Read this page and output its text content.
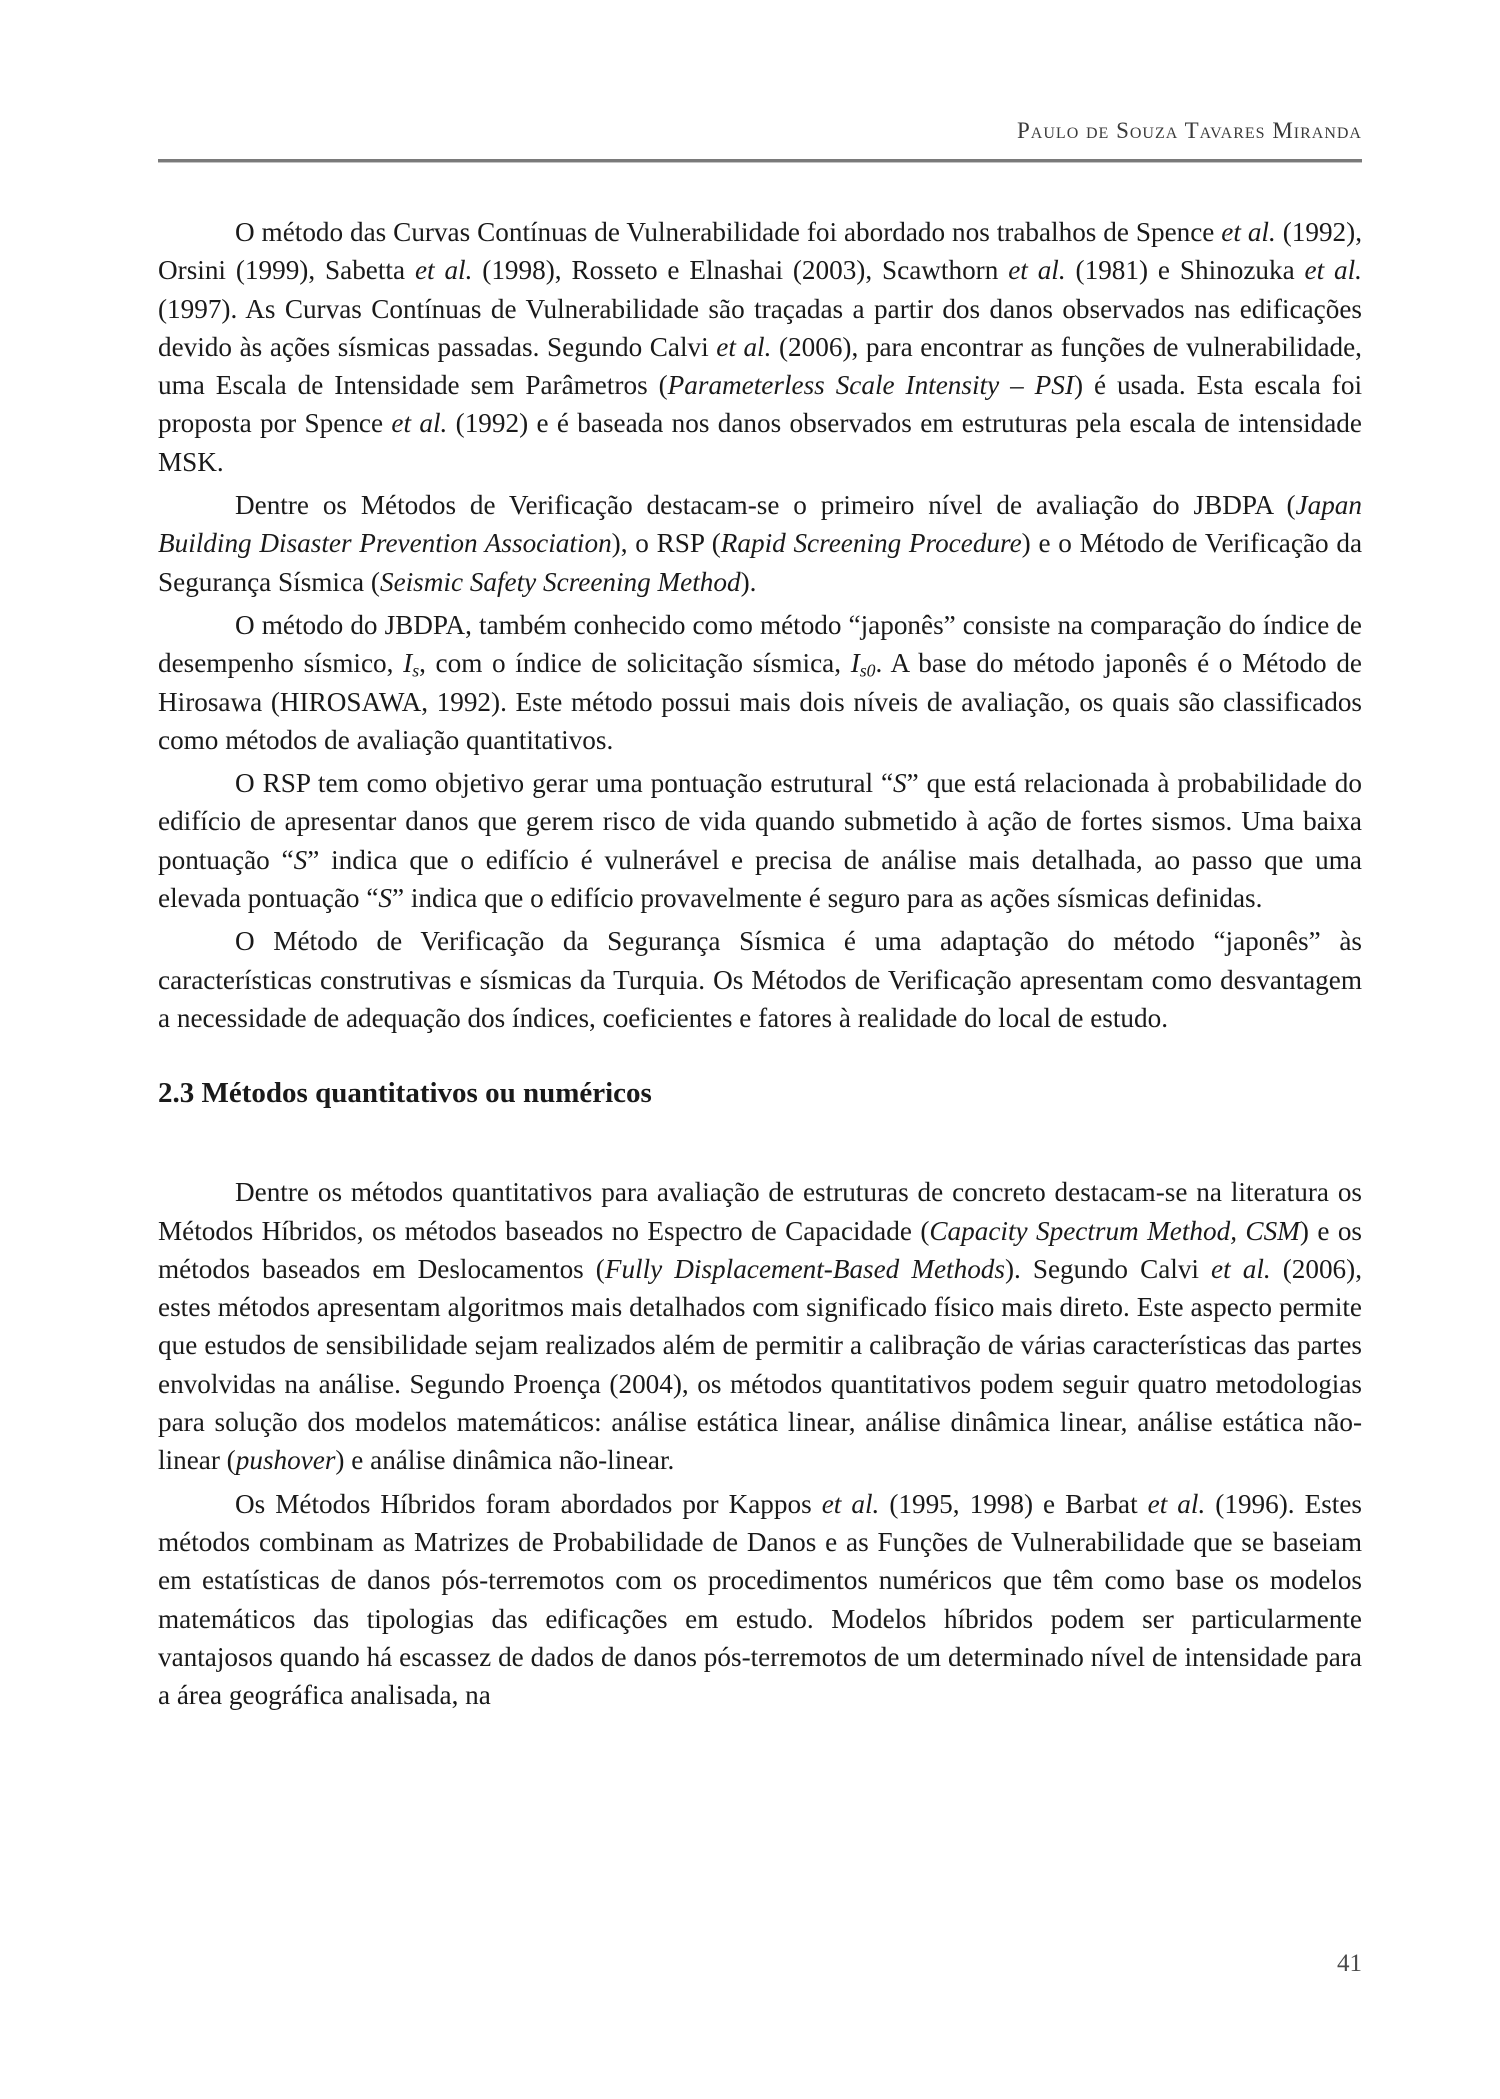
Paulo de Souza Tavares Miranda

O método das Curvas Contínuas de Vulnerabilidade foi abordado nos trabalhos de Spence et al. (1992), Orsini (1999), Sabetta et al. (1998), Rosseto e Elnashai (2003), Scawthorn et al. (1981) e Shinozuka et al. (1997). As Curvas Contínuas de Vulnerabilidade são traçadas a partir dos danos observados nas edificações devido às ações sísmicas passadas. Segundo Calvi et al. (2006), para encontrar as funções de vulnerabilidade, uma Escala de Intensidade sem Parâmetros (Parameterless Scale Intensity – PSI) é usada. Esta escala foi proposta por Spence et al. (1992) e é baseada nos danos observados em estruturas pela escala de intensidade MSK.

Dentre os Métodos de Verificação destacam-se o primeiro nível de avaliação do JBDPA (Japan Building Disaster Prevention Association), o RSP (Rapid Screening Procedure) e o Método de Verificação da Segurança Sísmica (Seismic Safety Screening Method).

O método do JBDPA, também conhecido como método “japonês” consiste na comparação do índice de desempenho sísmico, $I_s$, com o índice de solicitação sísmica, $I_{s0}$. A base do método japonês é o Método de Hirosawa (HIROSAWA, 1992). Este método possui mais dois níveis de avaliação, os quais são classificados como métodos de avaliação quantitativos.

O RSP tem como objetivo gerar uma pontuação estrutural “S” que está relacionada à probabilidade do edifício de apresentar danos que gerem risco de vida quando submetido à ação de fortes sismos. Uma baixa pontuação “S” indica que o edifício é vulnerável e precisa de análise mais detalhada, ao passo que uma elevada pontuação “S” indica que o edifício provavelmente é seguro para as ações sísmicas definidas.

O Método de Verificação da Segurança Sísmica é uma adaptação do método “japonês” às características construtivas e sísmicas da Turquia. Os Métodos de Verificação apresentam como desvantagem a necessidade de adequação dos índices, coeficientes e fatores à realidade do local de estudo.

2.3 Métodos quantitativos ou numéricos

Dentre os métodos quantitativos para avaliação de estruturas de concreto destacam-se na literatura os Métodos Híbridos, os métodos baseados no Espectro de Capacidade (Capacity Spectrum Method, CSM) e os métodos baseados em Deslocamentos (Fully Displacement-Based Methods). Segundo Calvi et al. (2006), estes métodos apresentam algoritmos mais detalhados com significado físico mais direto. Este aspecto permite que estudos de sensibilidade sejam realizados além de permitir a calibração de várias características das partes envolvidas na análise. Segundo Proença (2004), os métodos quantitativos podem seguir quatro metodologias para solução dos modelos matemáticos: análise estática linear, análise dinâmica linear, análise estática não-linear (pushover) e análise dinâmica não-linear.

Os Métodos Híbridos foram abordados por Kappos et al. (1995, 1998) e Barbat et al. (1996). Estes métodos combinam as Matrizes de Probabilidade de Danos e as Funções de Vulnerabilidade que se baseiam em estatísticas de danos pós-terremotos com os procedimentos numéricos que têm como base os modelos matemáticos das tipologias das edificações em estudo. Modelos híbridos podem ser particularmente vantajosos quando há escassez de dados de danos pós-terremotos de um determinado nível de intensidade para a área geográfica analisada, na

41
